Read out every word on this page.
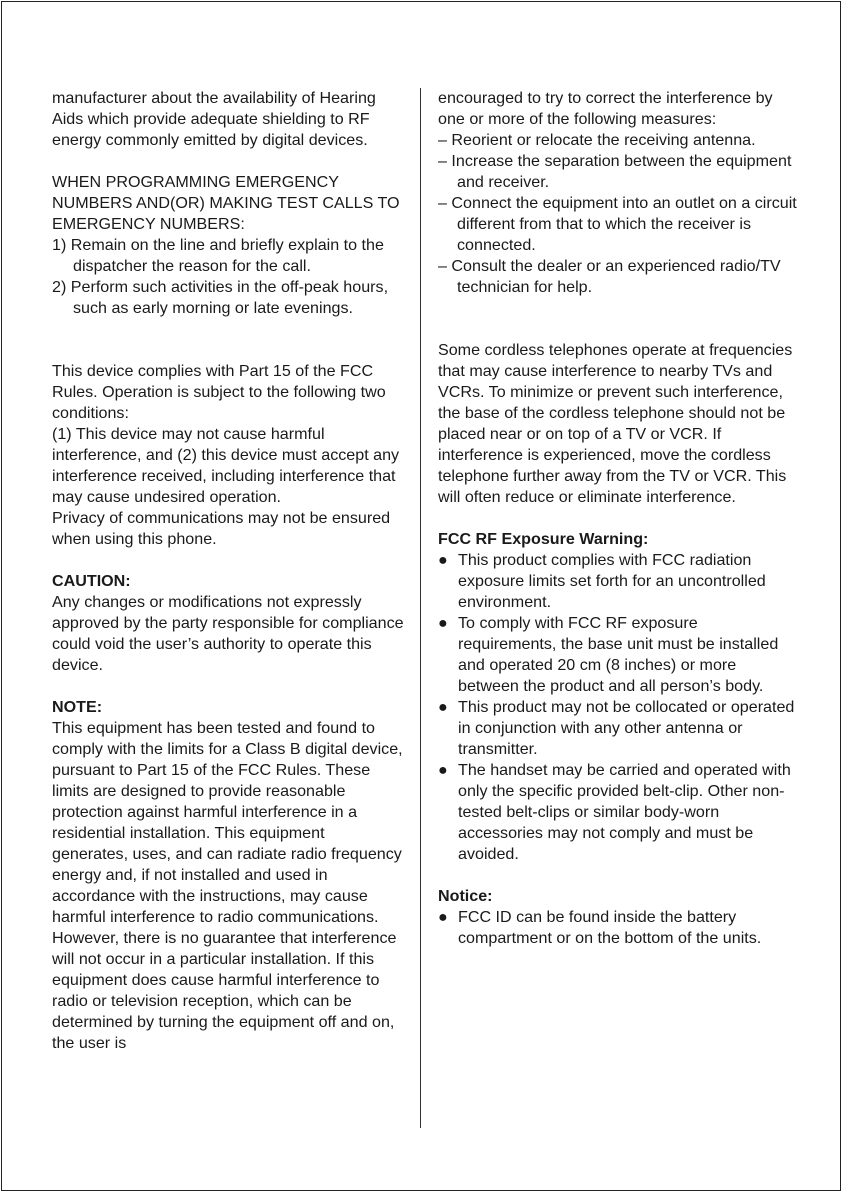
manufacturer about the availability of Hearing Aids which provide adequate shielding to RF energy commonly emitted by digital devices.

WHEN PROGRAMMING EMERGENCY NUMBERS AND(OR) MAKING TEST CALLS TO EMERGENCY NUMBERS:

1) Remain on the line and briefly explain to the dispatcher the reason for the call.

2) Perform such activities in the off-peak hours, such as early morning or late evenings.

This device complies with Part 15 of the FCC Rules. Operation is subject to the following two conditions:

(1) This device may not cause harmful interference, and (2) this device must accept any interference received, including interference that may cause undesired operation.

Privacy of communications may not be ensured when using this phone.

CAUTION:

Any changes or modifications not expressly approved by the party responsible for compliance could void the user’s authority to operate this device.

NOTE:

This equipment has been tested and found to comply with the limits for a Class B digital device, pursuant to Part 15 of the FCC Rules. These limits are designed to provide reasonable protection against harmful interference in a residential installation. This equipment generates, uses, and can radiate radio frequency energy and, if not installed and used in accordance with the instructions, may cause harmful interference to radio communications. However, there is no guarantee that interference will not occur in a particular installation. If this equipment does cause harmful interference to radio or television reception, which can be determined by turning the equipment off and on, the user is

encouraged to try to correct the interference by one or more of the following measures:

– Reorient or relocate the receiving antenna.

– Increase the separation between the equipment and receiver.

– Connect the equipment into an outlet on a circuit different from that to which the receiver is connected.

– Consult the dealer or an experienced radio/TV technician for help.

Some cordless telephones operate at frequencies that may cause interference to nearby TVs and VCRs. To minimize or prevent such interference, the base of the cordless telephone should not be placed near or on top of a TV or VCR. If interference is experienced, move the cordless telephone further away from the TV or VCR. This will often reduce or eliminate interference.

FCC RF Exposure Warning:

● This product complies with FCC radiation exposure limits set forth for an uncontrolled environment.
● To comply with FCC RF exposure requirements, the base unit must be installed and operated 20 cm (8 inches) or more between the product and all person’s body.
● This product may not be collocated or operated in conjunction with any other antenna or transmitter.
● The handset may be carried and operated with only the specific provided belt-clip. Other non-tested belt-clips or similar body-worn accessories may not comply and must be avoided.

Notice:

● FCC ID can be found inside the battery compartment or on the bottom of the units.
